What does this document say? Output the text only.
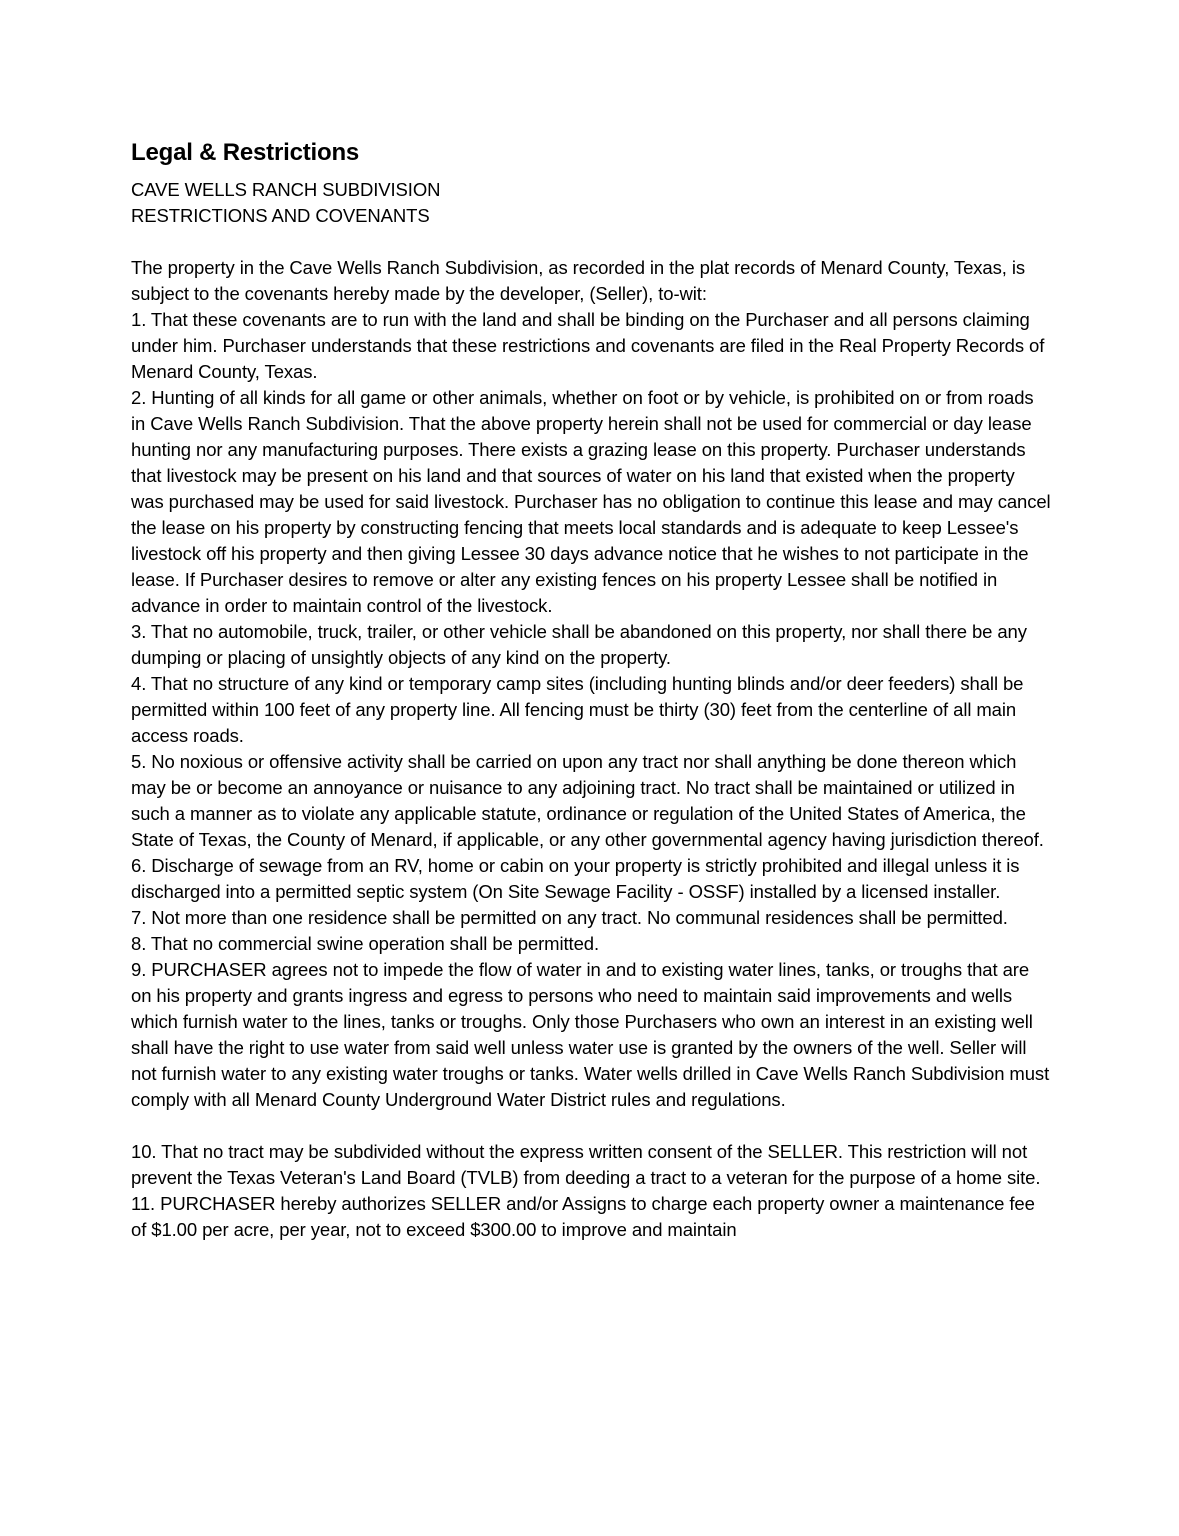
Legal & Restrictions

CAVE WELLS RANCH SUBDIVISION

RESTRICTIONS AND COVENANTS

The property in the Cave Wells Ranch Subdivision, as recorded in the plat records of Menard County, Texas, is subject to the covenants hereby made by the developer, (Seller), to-wit:

1. That these covenants are to run with the land and shall be binding on the Purchaser and all persons claiming under him. Purchaser understands that these restrictions and covenants are filed in the Real Property Records of Menard County, Texas.

2. Hunting of all kinds for all game or other animals, whether on foot or by vehicle, is prohibited on or from roads in Cave Wells Ranch Subdivision. That the above property herein shall not be used for commercial or day lease hunting nor any manufacturing purposes. There exists a grazing lease on this property. Purchaser understands that livestock may be present on his land and that sources of water on his land that existed when the property was purchased may be used for said livestock. Purchaser has no obligation to continue this lease and may cancel the lease on his property by constructing fencing that meets local standards and is adequate to keep Lessee's livestock off his property and then giving Lessee 30 days advance notice that he wishes to not participate in the lease. If Purchaser desires to remove or alter any existing fences on his property Lessee shall be notified in advance in order to maintain control of the livestock.

3. That no automobile, truck, trailer, or other vehicle shall be abandoned on this property, nor shall there be any dumping or placing of unsightly objects of any kind on the property.

4. That no structure of any kind or temporary camp sites (including hunting blinds and/or deer feeders) shall be permitted within 100 feet of any property line. All fencing must be thirty (30) feet from the centerline of all main access roads.

5. No noxious or offensive activity shall be carried on upon any tract nor shall anything be done thereon which may be or become an annoyance or nuisance to any adjoining tract. No tract shall be maintained or utilized in such a manner as to violate any applicable statute, ordinance or regulation of the United States of America, the State of Texas, the County of Menard, if applicable, or any other governmental agency having jurisdiction thereof.

6. Discharge of sewage from an RV, home or cabin on your property is strictly prohibited and illegal unless it is discharged into a permitted septic system (On Site Sewage Facility - OSSF) installed by a licensed installer.

7. Not more than one residence shall be permitted on any tract. No communal residences shall be permitted.

8. That no commercial swine operation shall be permitted.

9. PURCHASER agrees not to impede the flow of water in and to existing water lines, tanks, or troughs that are on his property and grants ingress and egress to persons who need to maintain said improvements and wells which furnish water to the lines, tanks or troughs. Only those Purchasers who own an interest in an existing well shall have the right to use water from said well unless water use is granted by the owners of the well. Seller will not furnish water to any existing water troughs or tanks. Water wells drilled in Cave Wells Ranch Subdivision must comply with all Menard County Underground Water District rules and regulations.

10. That no tract may be subdivided without the express written consent of the SELLER. This restriction will not prevent the Texas Veteran's Land Board (TVLB) from deeding a tract to a veteran for the purpose of a home site.

11. PURCHASER hereby authorizes SELLER and/or Assigns to charge each property owner a maintenance fee of $1.00 per acre, per year, not to exceed $300.00 to improve and maintain
